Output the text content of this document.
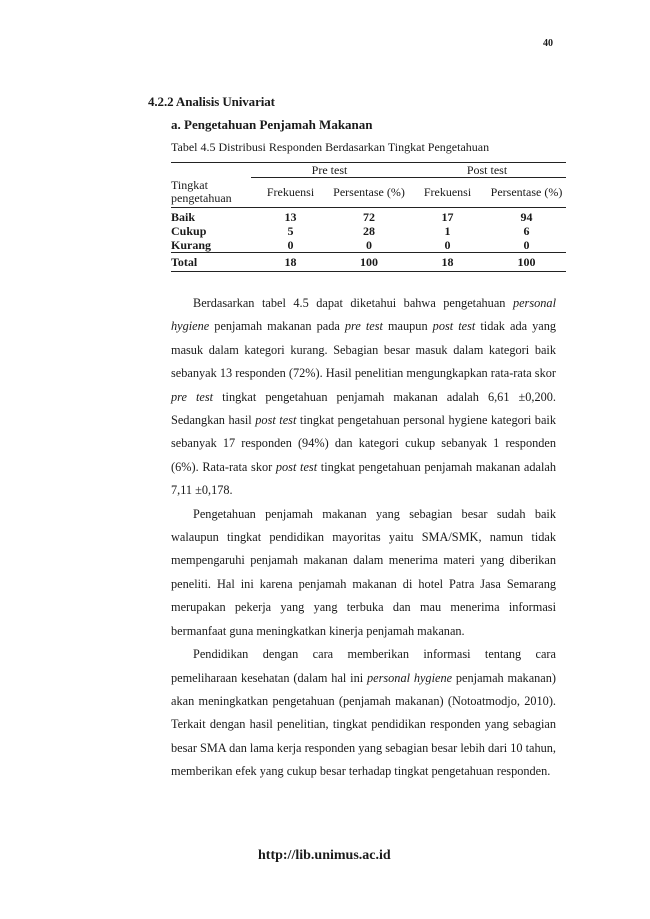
40
4.2.2 Analisis Univariat
a. Pengetahuan Penjamah Makanan
Tabel 4.5 Distribusi Responden Berdasarkan Tingkat Pengetahuan
	Pre test		Post test	
Tingkat pengetahuan	Frekuensi	Persentase (%)	Frekuensi	Persentase (%)
Baik	13	72	17	94
Cukup	5	28	1	6
Kurang	0	0	0	0
Total	18	100	18	100

Berdasarkan tabel 4.5 dapat diketahui bahwa pengetahuan personal hygiene penjamah makanan pada pre test maupun post test tidak ada yang masuk dalam kategori kurang. Sebagian besar masuk dalam kategori baik sebanyak 13 responden (72%). Hasil penelitian mengungkapkan rata-rata skor pre test tingkat pengetahuan penjamah makanan adalah 6,61 ±0,200. Sedangkan hasil post test tingkat pengetahuan personal hygiene kategori baik sebanyak 17 responden (94%) dan kategori cukup sebanyak 1 responden (6%). Rata-rata skor post test tingkat pengetahuan penjamah makanan adalah 7,11 ±0,178.

Pengetahuan penjamah makanan yang sebagian besar sudah baik walaupun tingkat pendidikan mayoritas yaitu SMA/SMK, namun tidak mempengaruhi penjamah makanan dalam menerima materi yang diberikan peneliti. Hal ini karena penjamah makanan di hotel Patra Jasa Semarang merupakan pekerja yang yang terbuka dan mau menerima informasi bermanfaat guna meningkatkan kinerja penjamah makanan.

Pendidikan dengan cara memberikan informasi tentang cara pemeliharaan kesehatan (dalam hal ini personal hygiene penjamah makanan) akan meningkatkan pengetahuan (penjamah makanan) (Notoatmodjo, 2010). Terkait dengan hasil penelitian, tingkat pendidikan responden yang sebagian besar SMA dan lama kerja responden yang sebagian besar lebih dari 10 tahun, memberikan efek yang cukup besar terhadap tingkat pengetahuan responden.

http://lib.unimus.ac.id
